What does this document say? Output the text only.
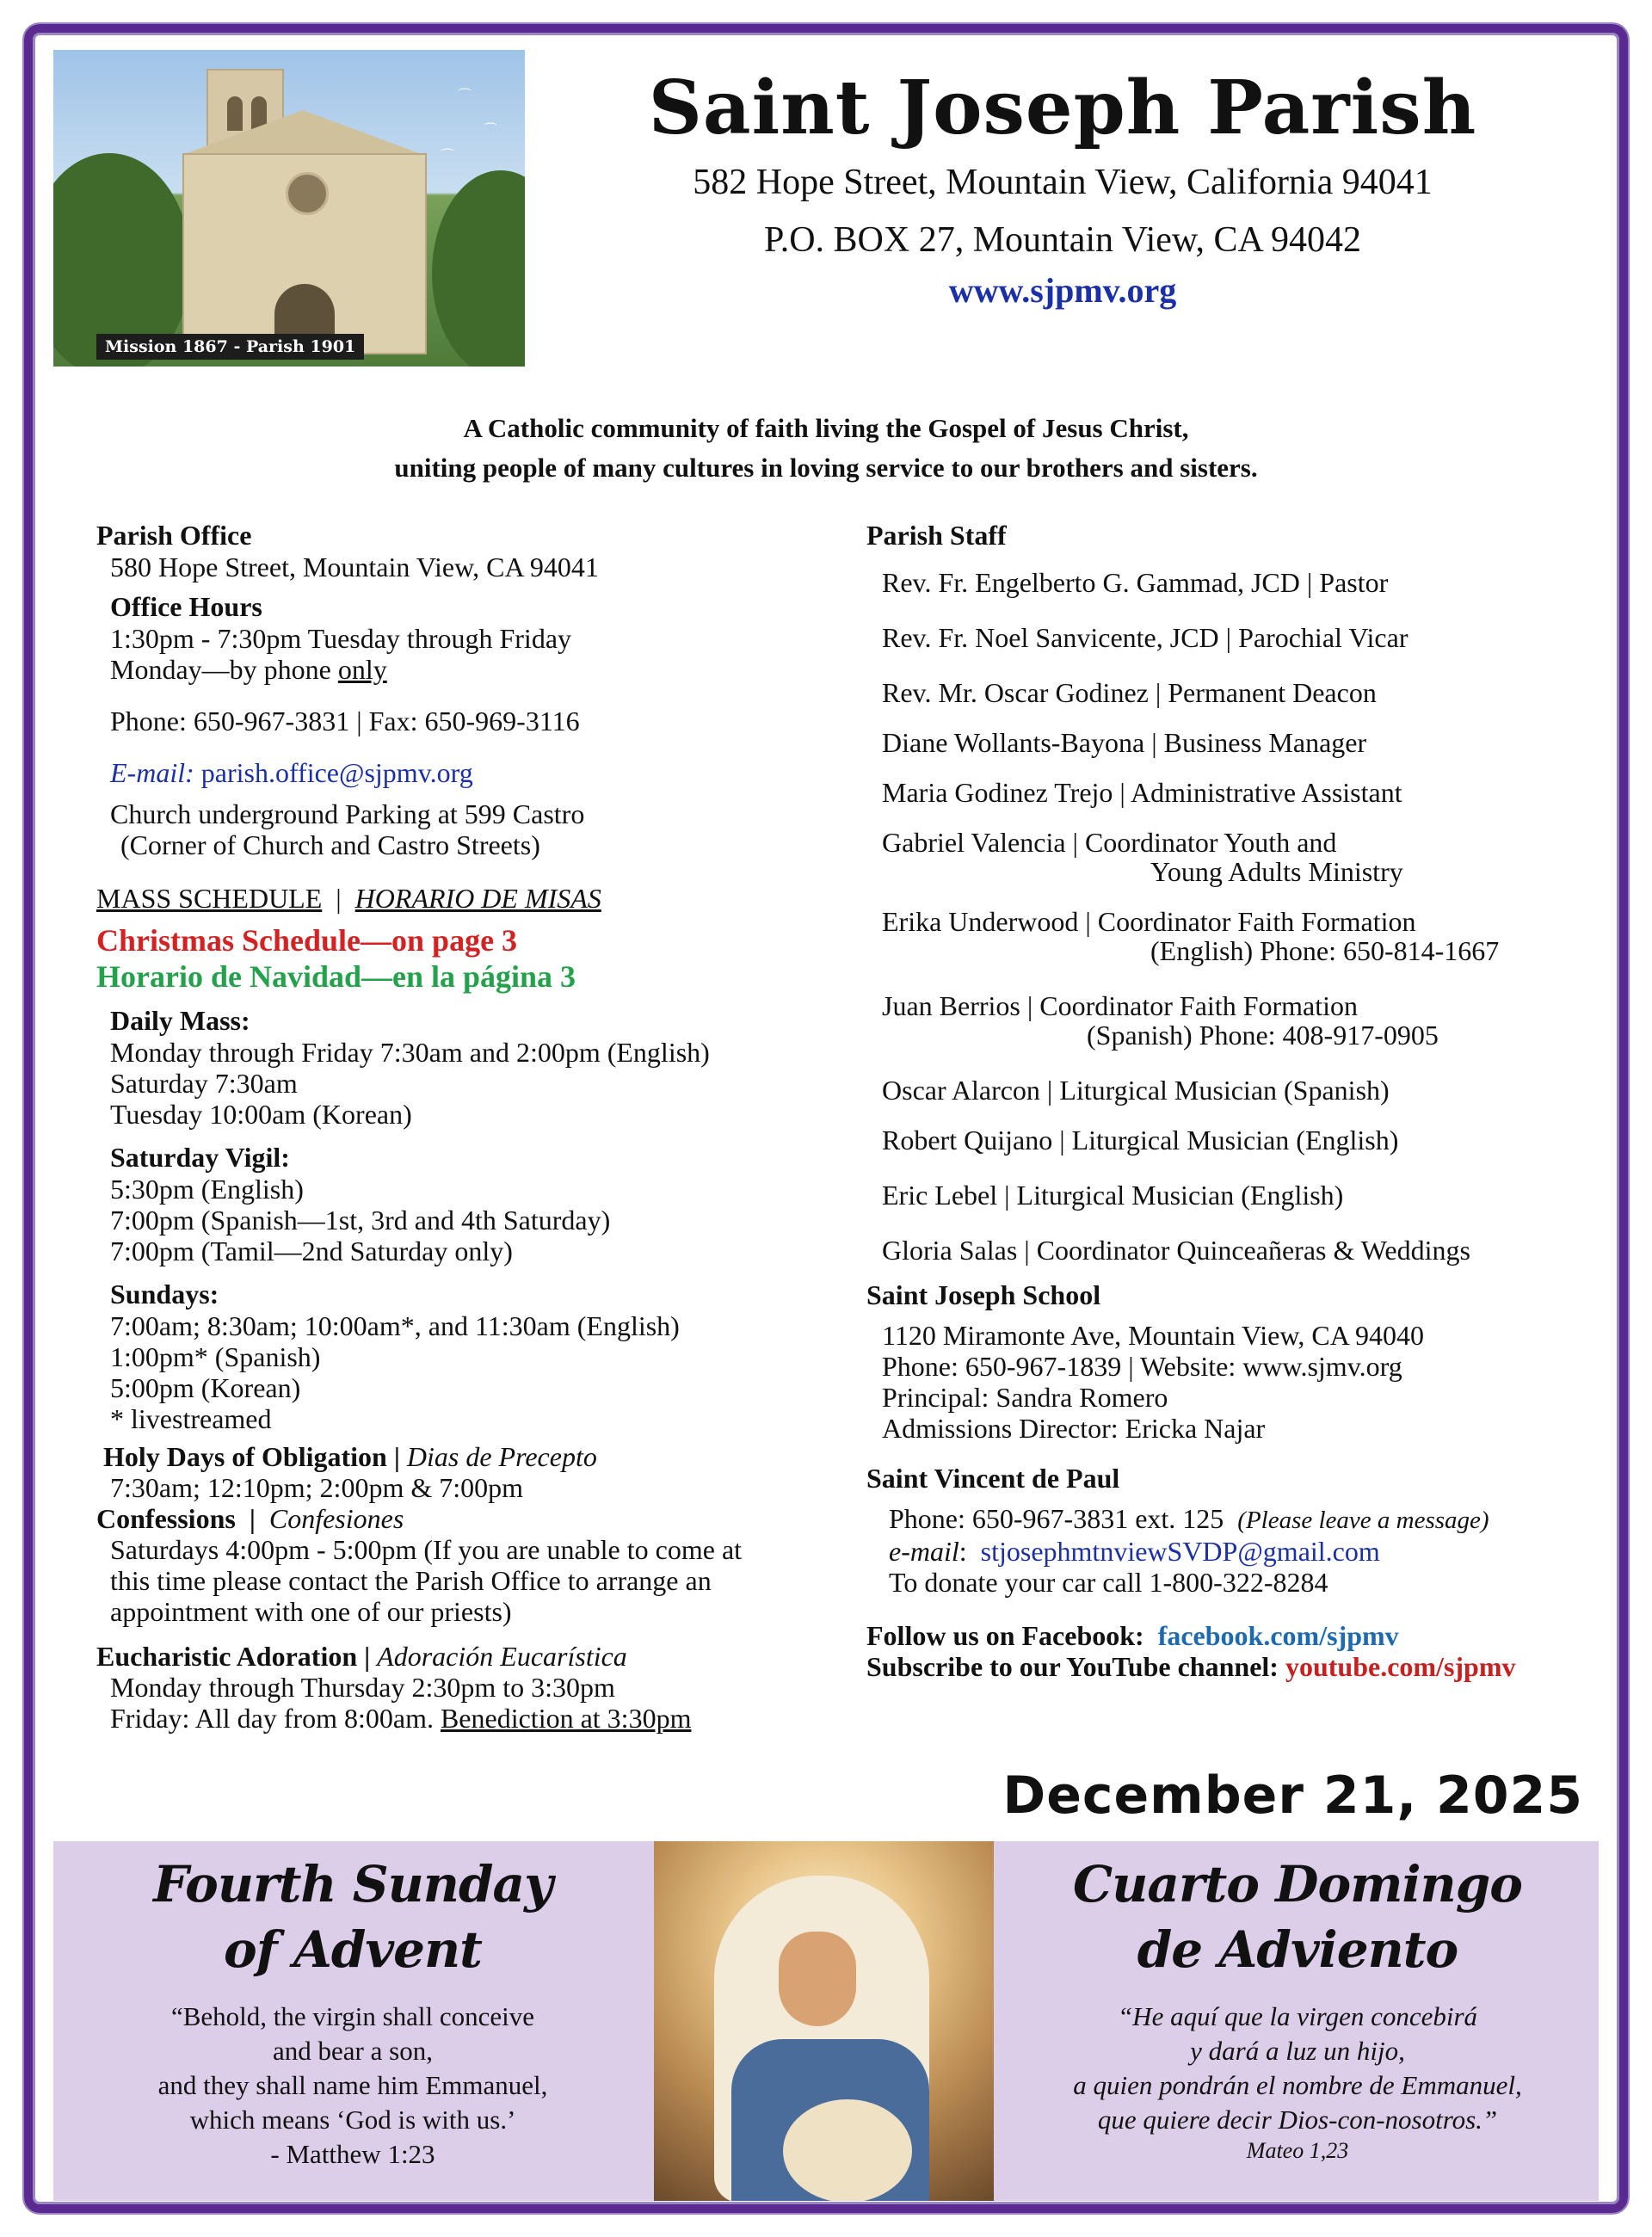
⌒
⌒
⌒
Mission 1867 - Parish 1901
Saint Joseph Parish
582 Hope Street, Mountain View, California 94041
P.O. BOX 27, Mountain View, CA 94042
www.sjpmv.org
A Catholic community of faith living the Gospel of Jesus Christ,
uniting people of many cultures in loving service to our brothers and sisters.
Parish Office
580 Hope Street, Mountain View, CA 94041
Office Hours
1:30pm - 7:30pm Tuesday through Friday
Monday—by phone only
Phone: 650-967-3831 | Fax: 650-969-3116
E-mail: parish.office@sjpmv.org
Church underground Parking at 599 Castro
(Corner of Church and Castro Streets)
MASS SCHEDULE | HORARIO DE MISAS
Christmas Schedule—on page 3
Horario de Navidad—en la página 3
Daily Mass:
Monday through Friday 7:30am and 2:00pm (English)
Saturday 7:30am
Tuesday 10:00am (Korean)
Saturday Vigil:
5:30pm (English)
7:00pm (Spanish—1st, 3rd and 4th Saturday)
7:00pm (Tamil—2nd Saturday only)
Sundays:
7:00am; 8:30am; 10:00am*, and 11:30am (English)
1:00pm* (Spanish)
5:00pm (Korean)
* livestreamed
Holy Days of Obligation | Dias de Precepto
7:30am; 12:10pm; 2:00pm & 7:00pm
Confessions | Confesiones
Saturdays 4:00pm - 5:00pm (If you are unable to come at
this time please contact the Parish Office to arrange an
appointment with one of our priests)
Eucharistic Adoration | Adoración Eucarística
Monday through Thursday 2:30pm to 3:30pm
Friday: All day from 8:00am. Benediction at 3:30pm
Parish Staff
Rev. Fr. Engelberto G. Gammad, JCD | Pastor
Rev. Fr. Noel Sanvicente, JCD | Parochial Vicar
Rev. Mr. Oscar Godinez | Permanent Deacon
Diane Wollants-Bayona | Business Manager
Maria Godinez Trejo | Administrative Assistant
Gabriel Valencia | Coordinator Youth and
Young Adults Ministry
Erika Underwood | Coordinator Faith Formation
(English) Phone: 650-814-1667
Juan Berrios | Coordinator Faith Formation
(Spanish) Phone: 408-917-0905
Oscar Alarcon | Liturgical Musician (Spanish)
Robert Quijano | Liturgical Musician (English)
Eric Lebel | Liturgical Musician (English)
Gloria Salas | Coordinator Quinceañeras & Weddings
Saint Joseph School
1120 Miramonte Ave, Mountain View, CA 94040
Phone: 650-967-1839 | Website: www.sjmv.org
Principal: Sandra Romero
Admissions Director: Ericka Najar
Saint Vincent de Paul
Phone: 650-967-3831 ext. 125 (Please leave a message)
e-mail:  stjosephmtnviewSVDP@gmail.com
To donate your car call 1-800-322-8284
Follow us on Facebook:  facebook.com/sjpmv
Subscribe to our YouTube channel: youtube.com/sjpmv
December 21, 2025
Fourth Sunday
of Advent
“Behold, the virgin shall conceive
and bear a son,
and they shall name him Emmanuel,
which means ‘God is with us.’
- Matthew 1:23
Cuarto Domingo
de Adviento
“He aquí que la virgen concebirá
y dará a luz un hijo,
a quien pondrán el nombre de Emmanuel,
que quiere decir Dios-con-nosotros.”
Mateo 1,23
